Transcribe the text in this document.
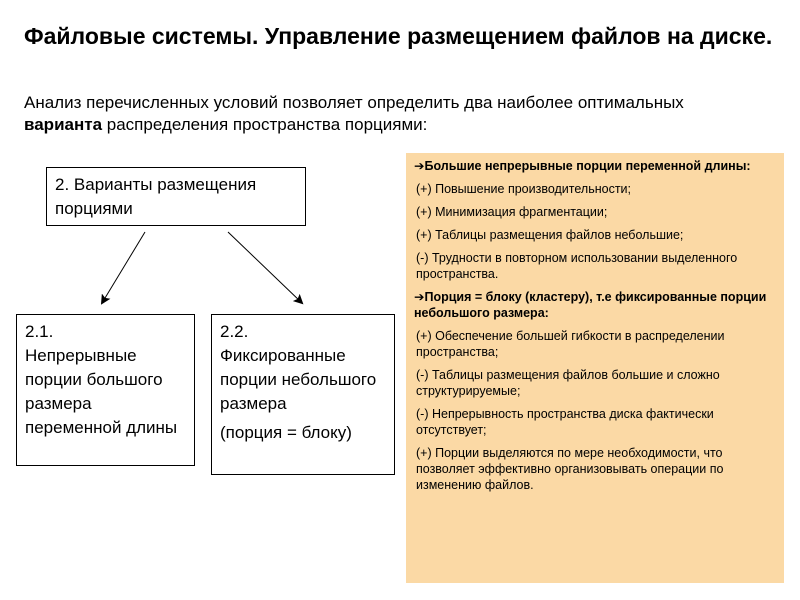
Файловые системы. Управление размещением файлов на диске.

Анализ перечисленных условий позволяет определить два наиболее оптимальных варианта распределения пространства порциями:

2. Варианты размещения порциями
2.1.
Непрерывные порции большого размера переменной длины
2.2.
Фиксированные порции небольшого размера
(порция = блоку)

➔Большие непрерывные порции переменной длины:

(+) Повышение производительности;

(+) Минимизация фрагментации;

(+) Таблицы размещения файлов небольшие;

(-) Трудности в повторном использовании выделенного пространства.

➔Порция = блоку (кластеру), т.е фиксированные порции небольшого размера:

(+) Обеспечение большей гибкости в распределении пространства;

(-) Таблицы размещения файлов большие и сложно структурируемые;

(-) Непрерывность пространства диска фактически отсутствует;

(+) Порции выделяются по мере необходимости, что позволяет эффективно организовывать операции по изменению файлов.
